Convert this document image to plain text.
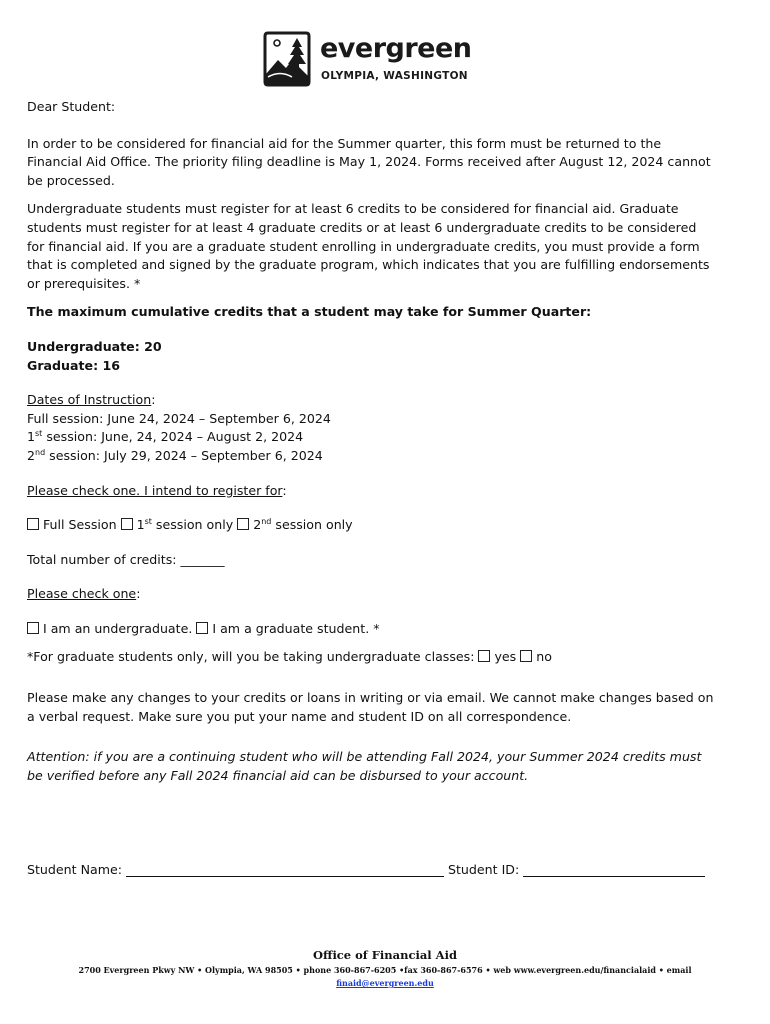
evergreen
OLYMPIA, WASHINGTON

Dear Student:

In order to be considered for financial aid for the Summer quarter, this form must be returned to the Financial Aid Office. The priority filing deadline is May 1, 2024. Forms received after August 12, 2024 cannot be processed.

Undergraduate students must register for at least 6 credits to be considered for financial aid. Graduate students must register for at least 4 graduate credits or at least 6 undergraduate credits to be considered for financial aid. If you are a graduate student enrolling in undergraduate credits, you must provide a form that is completed and signed by the graduate program, which indicates that you are fulfilling endorsements or prerequisites. *

The maximum cumulative credits that a student may take for Summer Quarter:

Undergraduate: 20

Graduate: 16

Dates of Instruction:

Full session: June 24, 2024 – September 6, 2024

1st session: June, 24, 2024 – August 2, 2024

2nd session: July 29, 2024 – September 6, 2024

Please check one. I intend to register for:

Full Session 1st session only 2nd session only

Total number of credits: _______

Please check one:

I am an undergraduate. I am a graduate student. *

*For graduate students only, will you be taking undergraduate classes: yes no

Please make any changes to your credits or loans in writing or via email. We cannot make changes based on a verbal request. Make sure you put your name and student ID on all correspondence.

Attention: if you are a continuing student who will be attending Fall 2024, your Summer 2024 credits must be verified before any Fall 2024 financial aid can be disbursed to your account.

Student Name:	Student ID:

Office of Financial Aid
2700 Evergreen Pkwy NW • Olympia, WA 98505 • phone 360-867-6205 •fax 360-867-6576 • web www.evergreen.edu/financialaid • email
finaid@evergreen.edu
